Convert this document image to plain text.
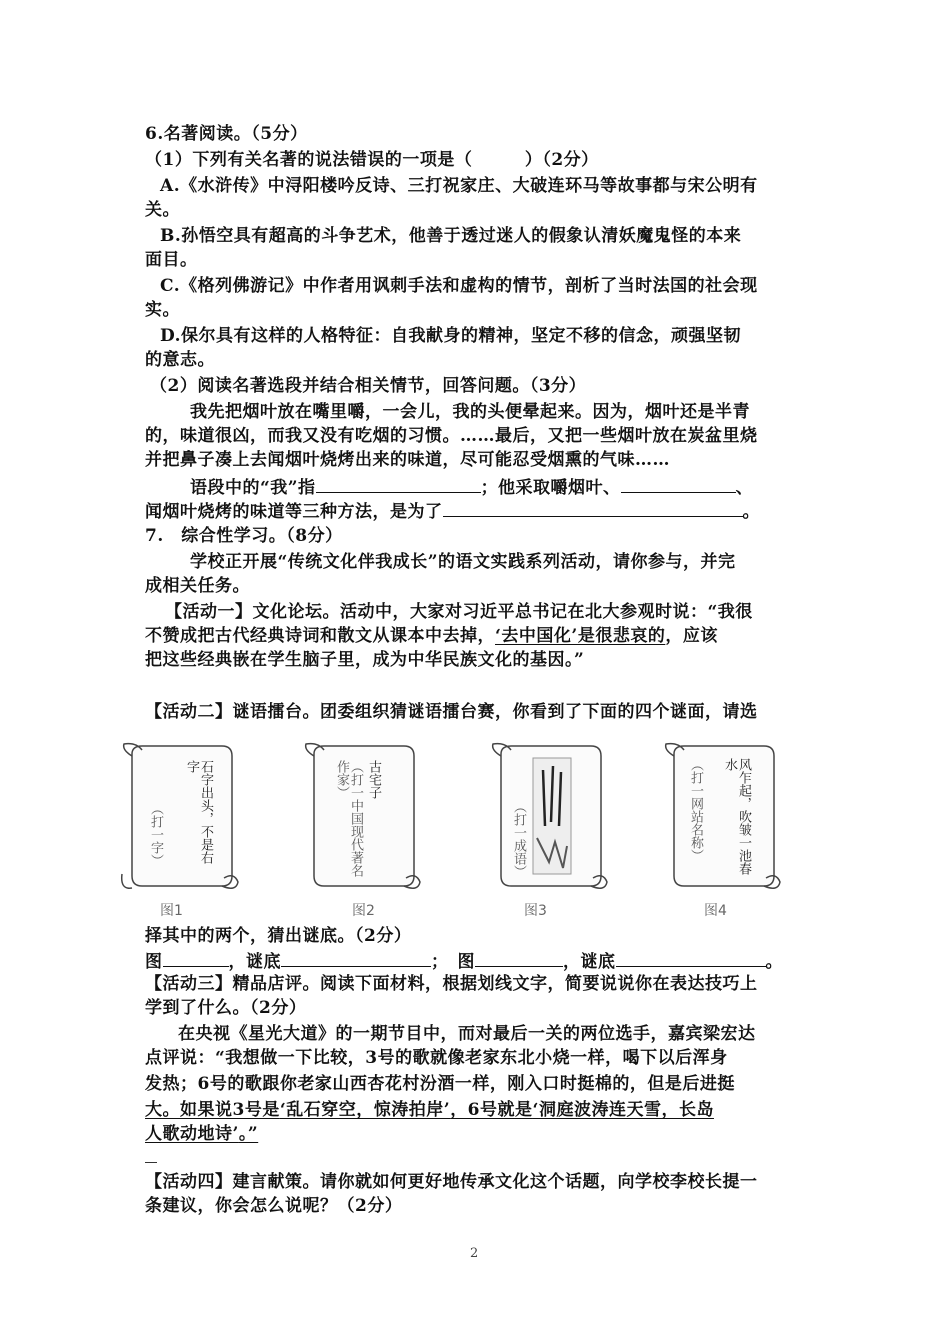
6.名著阅读。（5分）
（1）下列有关名著的说法错误的一项是（　　　）（2分）
A.《水浒传》中浔阳楼吟反诗、三打祝家庄、大破连环马等故事都与宋公明有
关。
B.孙悟空具有超高的斗争艺术，他善于透过迷人的假象认清妖魔鬼怪的本来
面目。
C.《格列佛游记》中作者用讽刺手法和虚构的情节，剖析了当时法国的社会现
实。
D.保尔具有这样的人格特征：自我献身的精神，坚定不移的信念，顽强坚韧
的意志。
（2）阅读名著选段并结合相关情节，回答问题。（3分）
我先把烟叶放在嘴里嚼，一会儿，我的头便晕起来。因为，烟叶还是半青
的，味道很凶，而我又没有吃烟的习惯。……最后，又把一些烟叶放在炭盆里烧
并把鼻子凑上去闻烟叶烧烤出来的味道，尽可能忍受烟熏的气味……
语段中的“我”指	；他采取嚼烟叶、	、
闻烟叶烧烤的味道等三种方法，是为了	。
7.　综合性学习。（8分）
学校正开展“传统文化伴我成长”的语文实践系列活动，请你参与，并完
成相关任务。
【活动一】文化论坛。活动中，大家对习近平总书记在北大参观时说：“我很
不赞成把古代经典诗词和散文从课本中去掉，‘去中国化’是很悲哀的，应该
把这些经典嵌在学生脑子里，成为中华民族文化的基因。”
【活动二】谜语擂台。团委组织猜谜语擂台赛，你看到了下面的四个谜面，请选
石字出头，不是右字
（打一字）
图1
古宅子
（打一中国现代著名作家）
图2
（打一成语）
图3
风乍起，吹皱一池春水
（打一网站名称）
图4
择其中的两个，猜出谜底。（2分）
图	，谜底	；　图	，谜底	。
【活动三】精品店评。阅读下面材料，根据划线文字，简要说说你在表达技巧上
学到了什么。（2分）
在央视《星光大道》的一期节目中，而对最后一关的两位选手，嘉宾梁宏达
点评说：“我想做一下比较，3号的歌就像老家东北小烧一样，喝下以后浑身
发热；6号的歌跟你老家山西杏花村汾酒一样，刚入口时挺棉的，但是后进挺
大。如果说3号是‘乱石穿空，惊涛拍岸’，6号就是‘洞庭波涛连天雪，长岛
人歌动地诗’。”
【活动四】建言献策。请你就如何更好地传承文化这个话题，向学校李校长提一
条建议，你会怎么说呢？（2分）
2
